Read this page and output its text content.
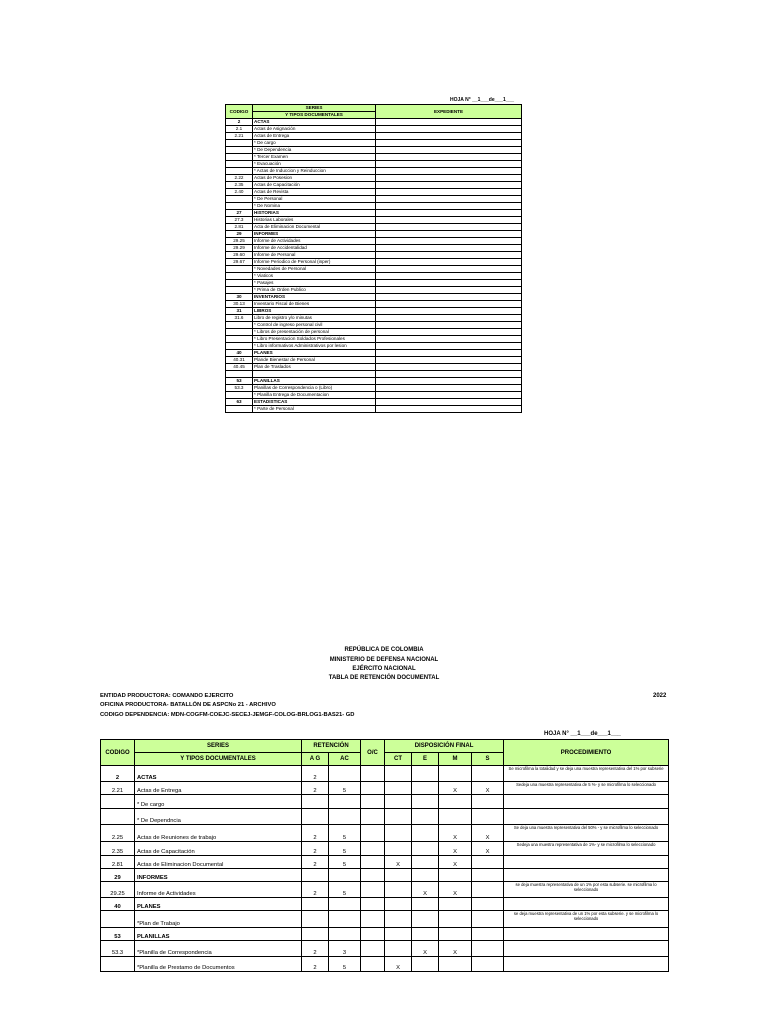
HOJA N° __1___de___1___
CODIGO	SERIES	EXPEDIENTE
	Y TIPOS DOCUMENTALES	
2	ACTAS	
2.1	Actas de Asignación	
2.21	Actas de Entrega	
	* De cargo	
	* De Dependencia	
	* Tercer Examen	
	* Evacuación	
	* Actas de Induccion y Reinduccion	
2.22	Actas de Posesion	
2.35	Actas de Capacitación	
2.40	Actas de Revista	
	* De Personal	
	* De Nomina	
27	HISTORIAS	
27.3	Historias Laborales	
2.81	Acta de Eliminacion Documental	
29	INFORMES	
29.25	Informe de Actividades	
29.29	Informe de Accidentalidad	
29.60	Informe de Personal	
29.67	Informe Periodico de Personal (inper)	
	* Novedades de Personal	
	* Viaticos	
	* Pasajes	
	* Prima de Orden Publico	
30	INVENTARIOS	
30.13	Inventario Fiscal de Bienes	
31	LIBROS	
31.6	Libro de registro y/o minutas	
	* Control de ingreso personal civil	
	* Libros de presentación de personal	
	* Libro Presentacion Soldados Profesionales	
	* Libro informativos Administrativos por lesion	
40	PLANES	
40.31	Plande Bienestar de Personal	
40.45	Plan de Traslados	

53	PLANILLAS	
53.3	Planillas de Correspondencia o (Libro)	
	* Planilla Entrega de Documentacion	
63	ESTADISTICAS	
	* Parte de Personal	
REPÚBLICA DE COLOMBIA
MINISTERIO DE DEFENSA NACIONAL
EJÉRCITO NACIONAL
TABLA DE RETENCIÓN DOCUMENTAL
ENTIDAD PRODUCTORA: COMANDO EJERCITO
OFICINA PRODUCTORA- BATALLÓN DE ASPCNo 21 - ARCHIVO
CODIGO DEPENDENCIA: MDN-COGFM-COEJC-SECEJ-JEMGF-COLOG-BRLOG1-BAS21- GD
2022
HOJA N° __1___de___1___
CODIGO	SERIES	RETENCIÓN		O/C	DISPOSICIÓN FINAL				PROCEDIMIENTO
	Y TIPOS DOCUMENTALES	A G	AC		CT	E	M	S	
2	ACTAS	2							Se microfilma la totalidad y se deja una muestra representativa del 1% por subserie
2.21	Actas de Entrega	2	5				X	X	Sedeja una muestra representativa de 5 %- y se microfilma lo seleccionado
	* De cargo								
	* De Dependncia								
2.25	Actas de Reuniones de trabajo	2	5				X	X	Se deja una muestra representativa del 50% - y se microfilma lo seleccionado
2.35	Actas de Capacitación	2	5				X	X	Sedeja una muestra representativa de 1%- y se microfilma lo seleccionado
2.81	Actas de Eliminacion Documental	2	5		X		X		
29	INFORMES								
29.25	Informe de Actividades	2	5			X	X		se deja muestra representativa de un 1% por esta subserie. se microfilma lo seleccionado
40	PLANES								
	*Plan de Trabajo								se deja muestra representativa de un 1% por esta subserie. y se microfilma lo seleccionado
53	PLANILLAS								
53.3	*Planilla de Correspondencia	2	3			X	X		
	*Planilla de Prestamo de Documentos	2	5		X				
